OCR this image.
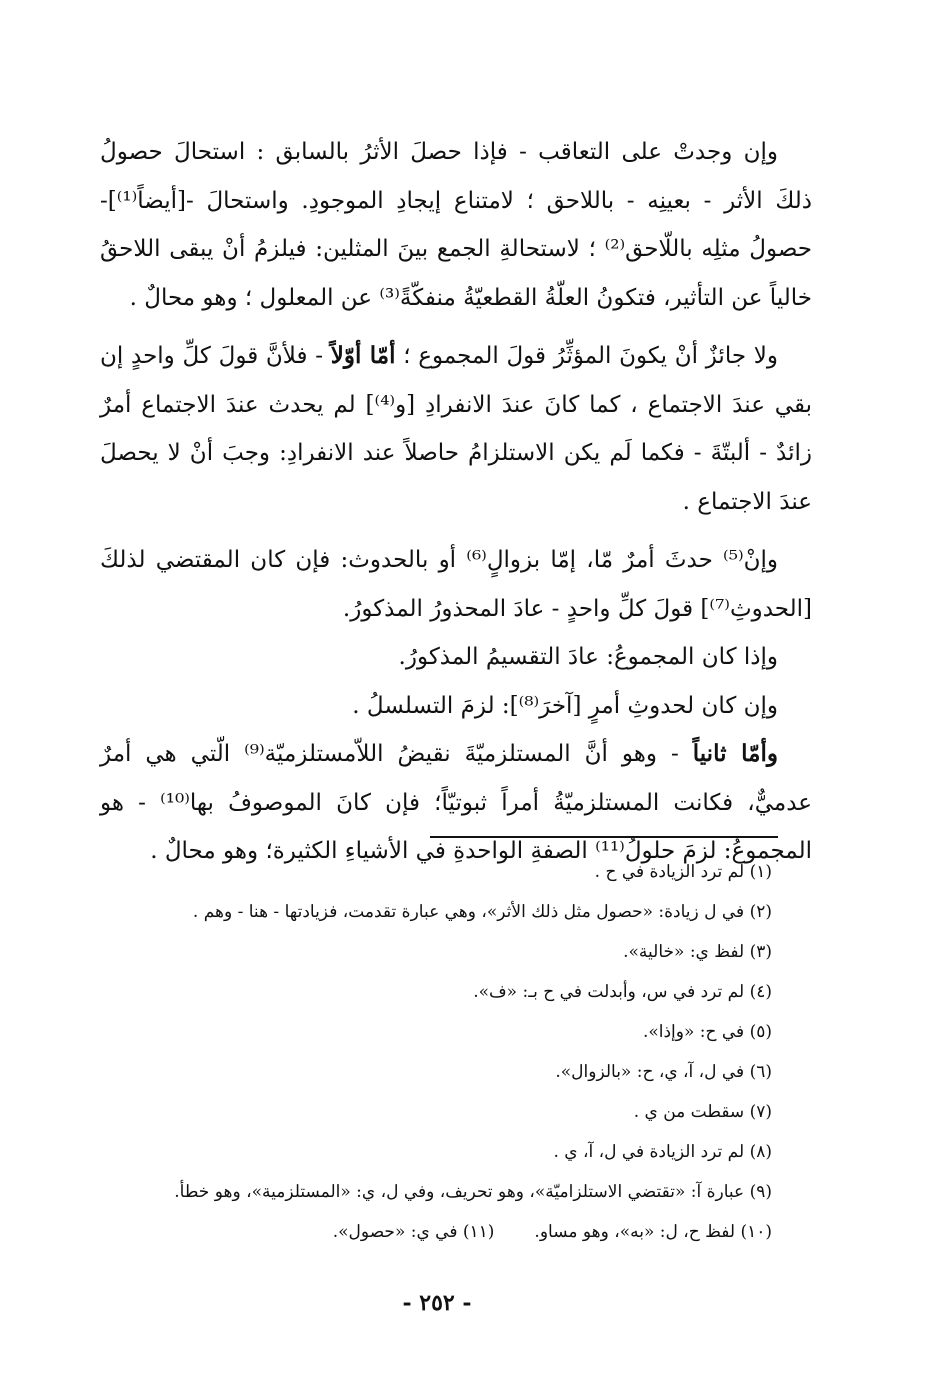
وإن وجدتْ على التعاقب - فإذا حصلَ الأثرُ بالسابق : استحالَ حصولُ ذلكَ الأثر - بعينِه - باللاحق ؛ لامتناع إيجادِ الموجودِ. واستحالَ -[أيضاً⁽¹⁾]- حصولُ مثلِه باللّاحق⁽²⁾ ؛ لاستحالةِ الجمع بينَ المثلين: فيلزمُ أنْ يبقى اللاحقُ خالياً عن التأثير، فتكونُ العلّةُ القطعيّةُ منفكّةً⁽³⁾ عن المعلول ؛ وهو محالٌ .

ولا جائزٌ أنْ يكونَ المؤثِّرُ قولَ المجموع ؛ أمّا أوّلاً - فلأنَّ قولَ كلِّ واحدٍ إن بقي عندَ الاجتماع ، كما كانَ عندَ الانفرادِ [و⁽⁴⁾] لم يحدث عندَ الاجتماع أمرٌ زائدٌ - ألبتّةَ - فكما لَم يكن الاستلزامُ حاصلاً عند الانفرادِ: وجبَ أنْ لا يحصلَ عندَ الاجتماع .

وإنْ⁽⁵⁾ حدثَ أمرٌ مّا، إمّا بزوالٍ⁽⁶⁾ أو بالحدوث: فإن كان المقتضي لذلكَ [الحدوثِ⁽⁷⁾] قولَ كلِّ واحدٍ - عادَ المحذورُ المذكورُ.

وإذا كان المجموعُ: عادَ التقسيمُ المذكورُ.

وإن كان لحدوثِ أمرٍ [آخرَ⁽⁸⁾]: لزمَ التسلسلُ .

وأمّا ثانياً - وهو أنَّ المستلزميّةَ نقيضُ اللاّمستلزميّة⁽⁹⁾ الّتي هي أمرٌ عدميٌّ، فكانت المستلزميّةُ أمراً ثبوتيّاً؛ فإن كانَ الموصوفُ بها⁽¹⁰⁾ - هو المجموعُ: لزمَ حلولُ⁽¹¹⁾ الصفةِ الواحدةِ في الأشياءِ الكثيرة؛ وهو محالٌ .

(١) لم ترد الزيادة في ح .

(٢) في ل زيادة: «حصول مثل ذلك الأثر»، وهي عبارة تقدمت، فزيادتها - هنا - وهم .

(٣) لفظ ي: «خالية».

(٤) لم ترد في س، وأبدلت في ح بـ: «ف».

(٥) في ح: «وإذا».

(٦) في ل، آ، ي، ح: «بالزوال».

(٧) سقطت من ي .

(٨) لم ترد الزيادة في ل، آ، ي .

(٩) عبارة آ: «تقتضي الاستلزاميّة»، وهو تحريف، وفي ل، ي: «المستلزمية»، وهو خطأ.

(١٠) لفظ ح، ل: «به»، وهو مساو.
(١١) في ي: «حصول».
- ٢٥٢ -
